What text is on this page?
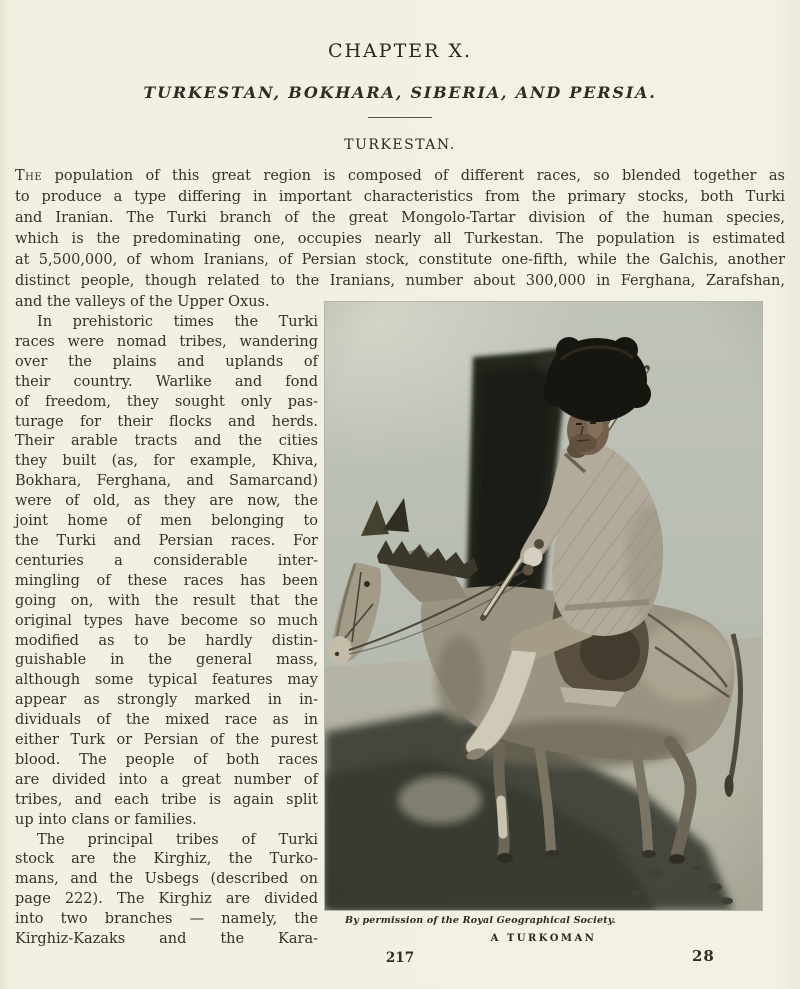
CHAPTER X.
TURKESTAN, BOKHARA, SIBERIA, AND PERSIA.
TURKESTAN.
The population of this great region is composed of different races, so blended together as
to produce a type differing in important characteristics from the primary stocks, both Turki
and Iranian. The Turki branch of the great Mongolo-Tartar division of the human species,
which is the predominating one, occupies nearly all Turkestan. The population is estimated
at 5,500,000, of whom Iranians, of Persian stock, constitute one-fifth, while the Galchis, another
distinct people, though related to the Iranians, number about 300,000 in Ferghana, Zarafshan,
and the valleys of the Upper Oxus.
In prehistoric times the Turki
races were nomad tribes, wandering
over the plains and uplands of
their country. Warlike and fond
of freedom, they sought only pas-
turage for their flocks and herds.
Their arable tracts and the cities
they built (as, for example, Khiva,
Bokhara, Ferghana, and Samarcand)
were of old, as they are now, the
joint home of men belonging to
the Turki and Persian races. For
centuries a considerable inter-
mingling of these races has been
going on, with the result that the
original types have become so much
modified as to be hardly distin-
guishable in the general mass,
although some typical features may
appear as strongly marked in in-
dividuals of the mixed race as in
either Turk or Persian of the purest
blood. The people of both races
are divided into a great number of
tribes, and each tribe is again split
up into clans or families.
The principal tribes of Turki
stock are the Kirghiz, the Turko-
mans, and the Usbegs (described on
page 222). The Kirghiz are divided
into two branches — namely, the
Kirghiz-Kazaks and the Kara-
By permission of the Royal Geographical Society.
A TURKOMAN
217	28
